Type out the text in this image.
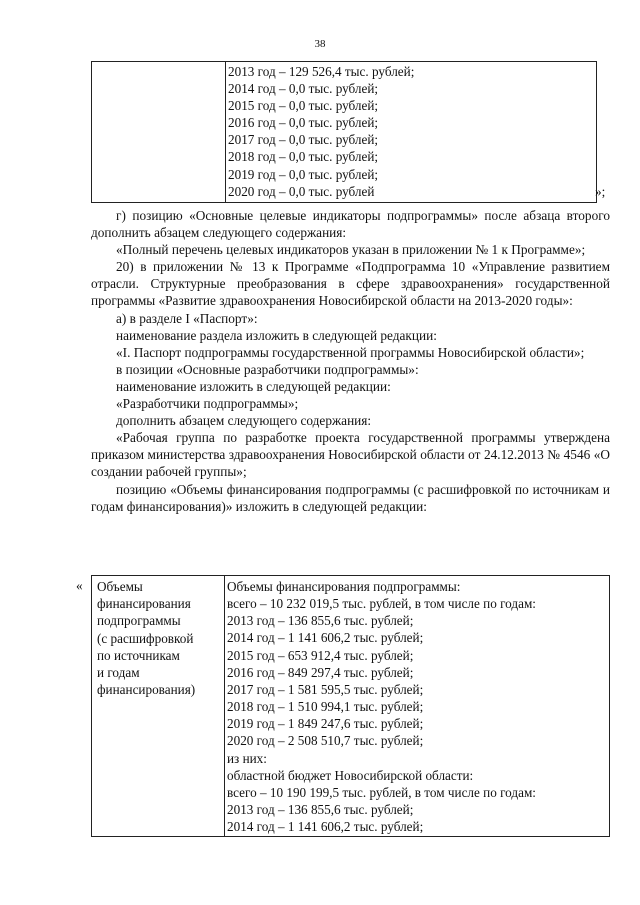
38
2013 год – 129 526,4 тыс. рублей;
2014 год – 0,0 тыс. рублей;
2015 год – 0,0 тыс. рублей;
2016 год – 0,0 тыс. рублей;
2017 год – 0,0 тыс. рублей;
2018 год – 0,0 тыс. рублей;
2019 год – 0,0 тыс. рублей;
2020 год – 0,0 тыс. рублей	»;

г) позицию «Основные целевые индикаторы подпрограммы» после абзаца второго дополнить абзацем следующего содержания:

«Полный перечень целевых индикаторов указан в приложении № 1 к Программе»;

20) в приложении № 13 к Программе «Подпрограмма 10 «Управление развитием отрасли. Структурные преобразования в сфере здравоохранения» государственной программы «Развитие здравоохранения Новосибирской области на 2013-2020 годы»:

а) в разделе I «Паспорт»:

наименование раздела изложить в следующей редакции:

«I. Паспорт подпрограммы государственной программы Новосибирской области»;

в позиции «Основные разработчики подпрограммы»:

наименование изложить в следующей редакции:

«Разработчики подпрограммы»;

дополнить абзацем следующего содержания:

«Рабочая группа по разработке проекта государственной программы утверждена приказом министерства здравоохранения Новосибирской области от 24.12.2013 № 4546 «О создании рабочей группы»;

позицию «Объемы финансирования подпрограммы (с расшифровкой по источникам и годам финансирования)» изложить в следующей редакции:

« Объемы
финансирования
подпрограммы
(с расшифровкой
по источникам
и годам
финансирования)
Объемы финансирования подпрограммы:
всего – 10 232 019,5 тыс. рублей, в том числе по годам:
2013 год – 136 855,6 тыс. рублей;
2014 год – 1 141 606,2 тыс. рублей;
2015 год – 653 912,4 тыс. рублей;
2016 год – 849 297,4 тыс. рублей;
2017 год – 1 581 595,5 тыс. рублей;
2018 год – 1 510 994,1 тыс. рублей;
2019 год – 1 849 247,6 тыс. рублей;
2020 год – 2 508 510,7 тыс. рублей;
из них:
областной бюджет Новосибирской области:
всего – 10 190 199,5 тыс. рублей, в том числе по годам:
2013 год – 136 855,6 тыс. рублей;
2014 год – 1 141 606,2 тыс. рублей;
